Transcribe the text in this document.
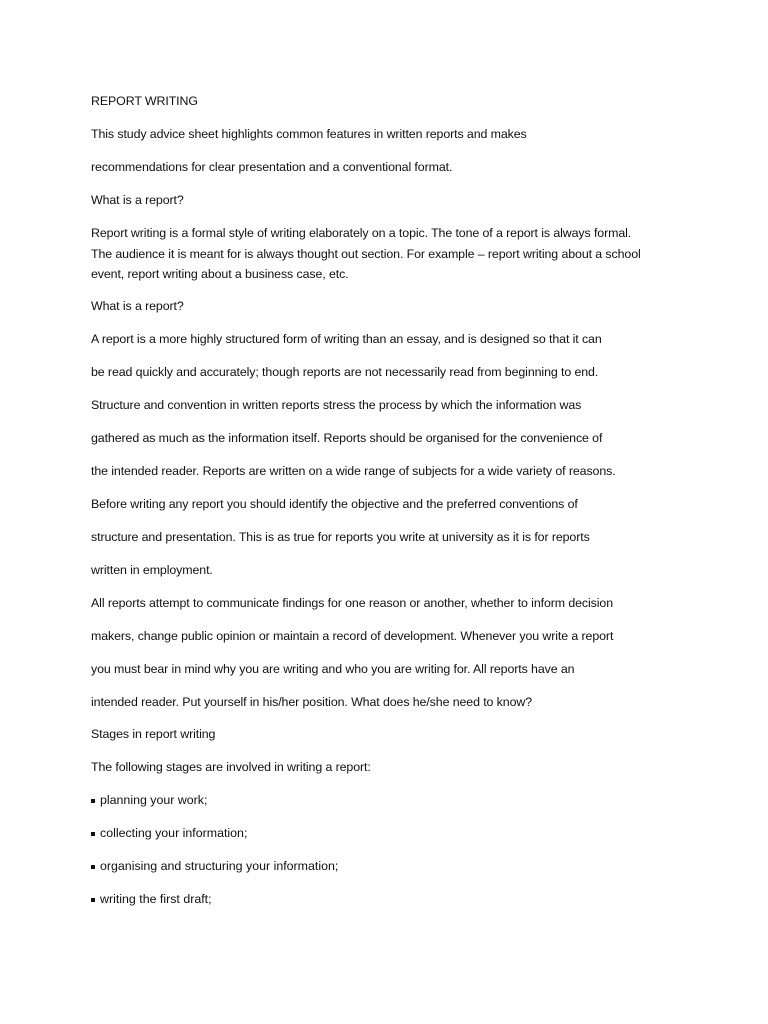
REPORT WRITING

This study advice sheet highlights common features in written reports and makes

recommendations for clear presentation and a conventional format.

What is a report?

Report writing is a formal style of writing elaborately on a topic. The tone of a report is always formal.

The audience it is meant for is always thought out section. For example – report writing about a school

event, report writing about a business case, etc.

What is a report?

A report is a more highly structured form of writing than an essay, and is designed so that it can

be read quickly and accurately; though reports are not necessarily read from beginning to end.

Structure and convention in written reports stress the process by which the information was

gathered as much as the information itself. Reports should be organised for the convenience of

the intended reader. Reports are written on a wide range of subjects for a wide variety of reasons.

Before writing any report you should identify the objective and the preferred conventions of

structure and presentation. This is as true for reports you write at university as it is for reports

written in employment.

All reports attempt to communicate findings for one reason or another, whether to inform decision

makers, change public opinion or maintain a record of development. Whenever you write a report

you must bear in mind why you are writing and who you are writing for. All reports have an

intended reader. Put yourself in his/her position. What does he/she need to know?

Stages in report writing

The following stages are involved in writing a report:

planning your work;
collecting your information;
organising and structuring your information;
writing the first draft;
